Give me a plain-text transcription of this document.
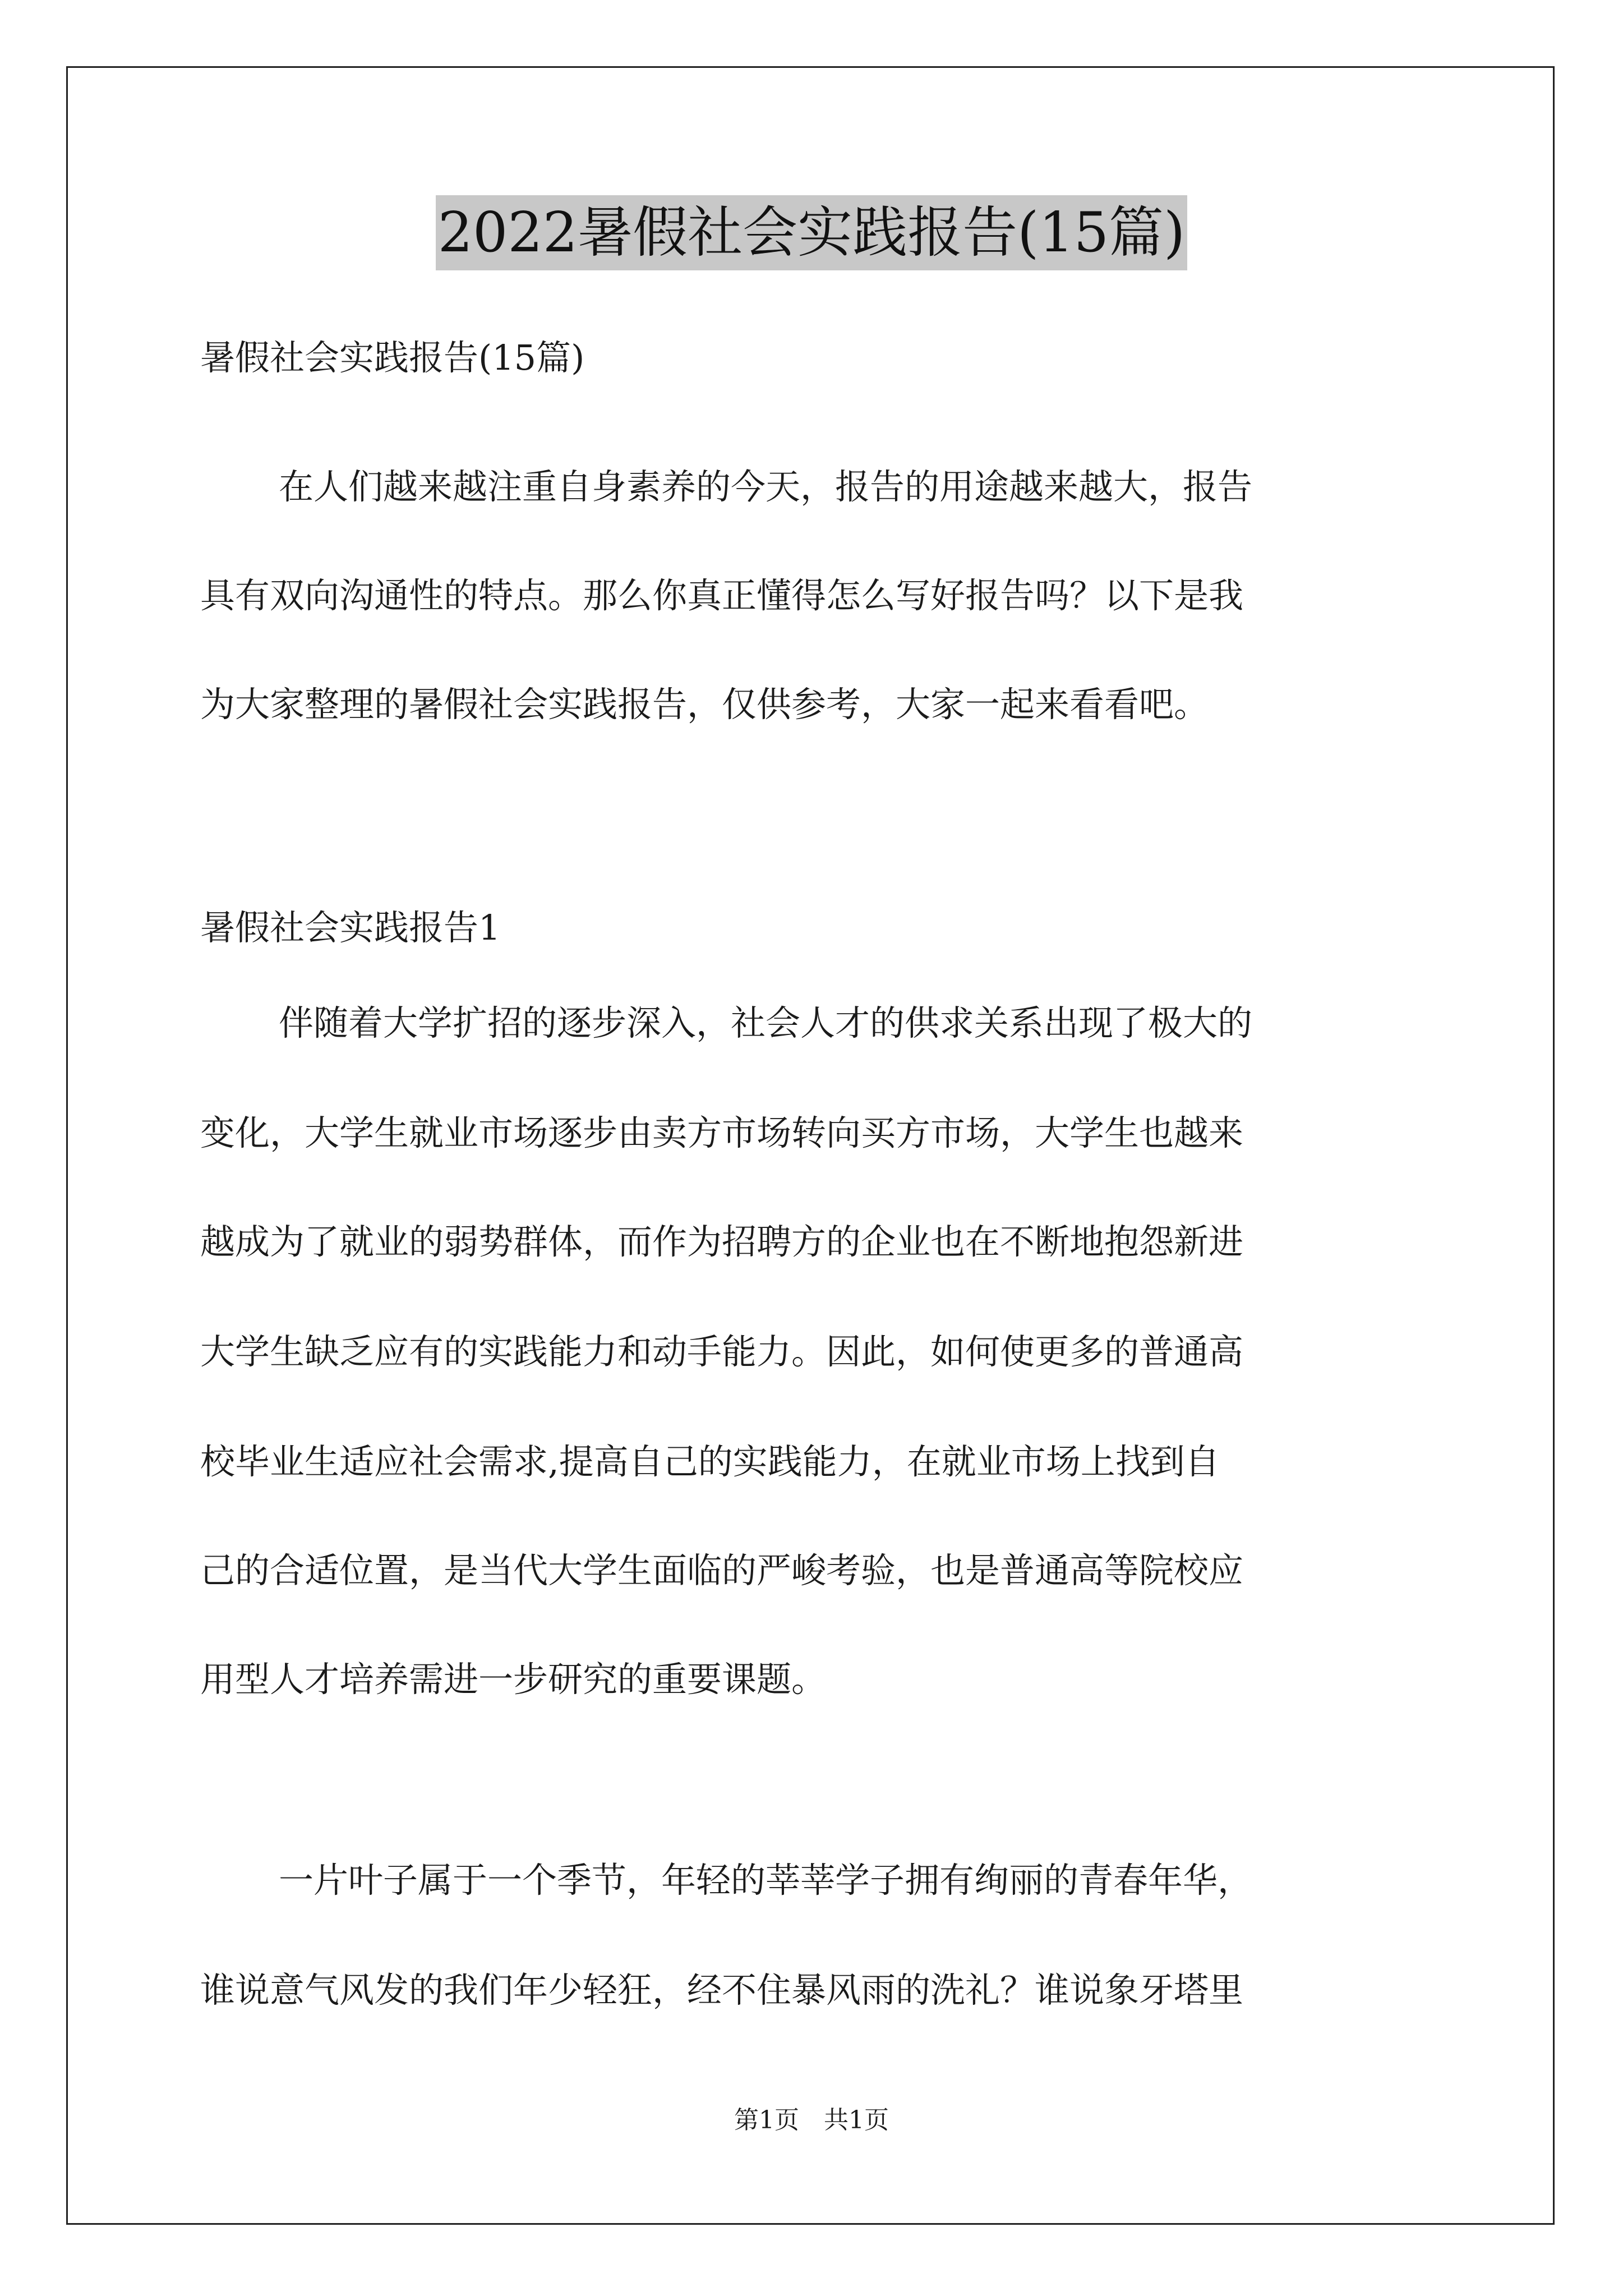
2022暑假社会实践报告(15篇)
暑假社会实践报告(15篇)
在人们越来越注重自身素养的今天，报告的用途越来越大，报告
具有双向沟通性的特点。那么你真正懂得怎么写好报告吗？以下是我
为大家整理的暑假社会实践报告，仅供参考，大家一起来看看吧。
暑假社会实践报告1
伴随着大学扩招的逐步深入，社会人才的供求关系出现了极大的
变化，大学生就业市场逐步由卖方市场转向买方市场，大学生也越来
越成为了就业的弱势群体，而作为招聘方的企业也在不断地抱怨新进
大学生缺乏应有的实践能力和动手能力。因此，如何使更多的普通高
校毕业生适应社会需求,提高自己的实践能力，在就业市场上找到自
己的合适位置，是当代大学生面临的严峻考验，也是普通高等院校应
用型人才培养需进一步研究的重要课题。
一片叶子属于一个季节，年轻的莘莘学子拥有绚丽的青春年华，
谁说意气风发的我们年少轻狂，经不住暴风雨的洗礼？谁说象牙塔里
第1页　共1页
